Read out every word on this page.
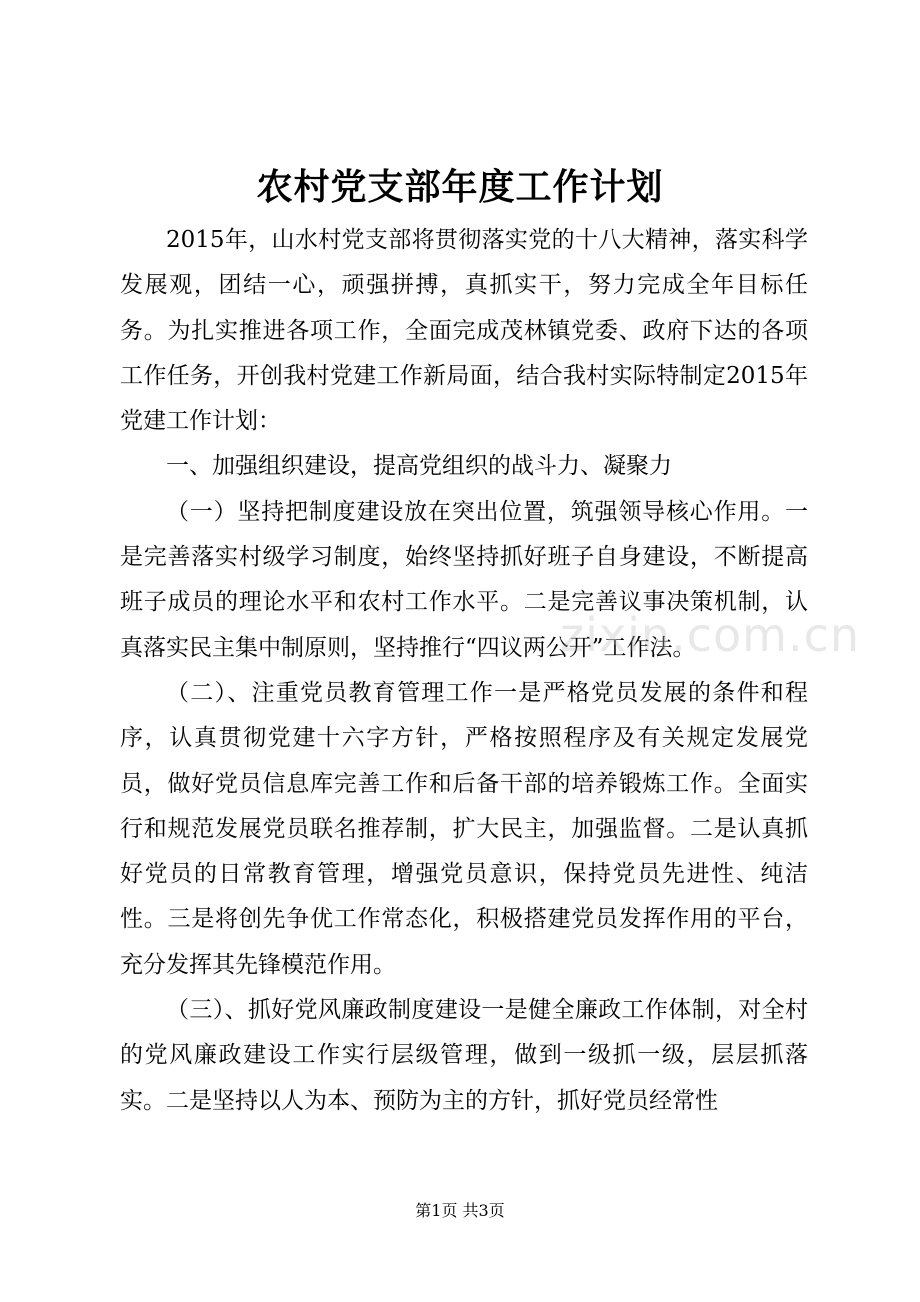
农村党支部年度工作计划

2015年，山水村党支部将贯彻落实党的十八大精神，落实科学发展观，团结一心，顽强拼搏，真抓实干，努力完成全年目标任务。为扎实推进各项工作，全面完成茂林镇党委、政府下达的各项工作任务，开创我村党建工作新局面，结合我村实际特制定2015年党建工作计划：

一、加强组织建设，提高党组织的战斗力、凝聚力

（一）坚持把制度建设放在突出位置，筑强领导核心作用。一是完善落实村级学习制度，始终坚持抓好班子自身建设，不断提高班子成员的理论水平和农村工作水平。二是完善议事决策机制，认真落实民主集中制原则，坚持推行“四议两公开”工作法。

（二）、注重党员教育管理工作一是严格党员发展的条件和程序，认真贯彻党建十六字方针，严格按照程序及有关规定发展党员，做好党员信息库完善工作和后备干部的培养锻炼工作。全面实行和规范发展党员联名推荐制，扩大民主，加强监督。二是认真抓好党员的日常教育管理，增强党员意识，保持党员先进性、纯洁性。三是将创先争优工作常态化，积极搭建党员发挥作用的平台，充分发挥其先锋模范作用。

（三）、抓好党风廉政制度建设一是健全廉政工作体制，对全村的党风廉政建设工作实行层级管理，做到一级抓一级，层层抓落实。二是坚持以人为本、预防为主的方针，抓好党员经常性

zixin.com.cn
第1页 共3页
